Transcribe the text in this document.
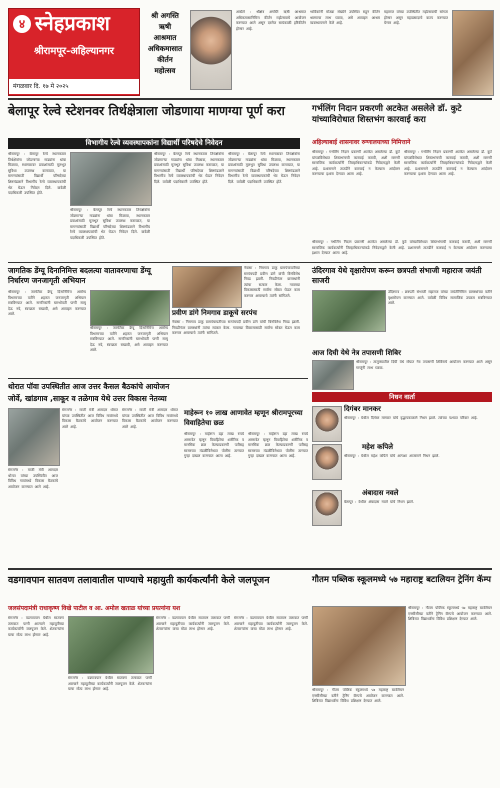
४ स्नेहप्रकाश
श्रीरामपूर-अहिल्यानगर
मंगळवार दि. १७ मे २०२५
श्री अगस्ति
ऋषी
आश्रमात
अधिकमासात
कीर्तन
महोत्सव
अकोले : श्रीक्षेत्र अगस्ति ऋषी आश्रमात अधिकमासानिमित्त कीर्तन महोत्सवाचे आयोजन करण्यात आले असून दररोज सायंकाळी हरिकीर्तन होणार आहे.
भाविकांनी मोठ्या संख्येने उपस्थित राहून कीर्तन श्रवणाचा लाभ घ्यावा, असे आवाहन आश्रम व्यवस्थापनाने केले आहे.
महाराज यांच्या उपस्थितीत महोत्सवाची सांगता होणार असून महाप्रसादाचे वाटप करण्यात येणार आहे.
बेलापूर रेल्वे स्टेशनवर तिर्थक्षेत्राला जोडणाया माणग्या पूर्ण करा	गर्भलिंग निदान प्रकरणी अटकेत असलेले डॉ. कुटे यांच्याविरोधात शिस्तभंग कारवाई करा
विभागीय रेल्वे व्यवस्थापकांना विद्यार्थी परिषदेचे निवेदन
श्रीरामपूर : बेलापूर रेल्वे स्थानकावर तिर्थक्षेत्रांना जोडणाऱ्या गाड्यांना थांबा मिळावा, स्थानकावर प्रवाशांसाठी मूलभूत सुविधा उपलब्ध कराव्यात, या मागण्यांसाठी विद्यार्थी परिषदेच्या शिष्टमंडळाने विभागीय रेल्वे व्यवस्थापकांची भेट घेऊन निवेदन दिले. यावेळी पदाधिकारी उपस्थित होते.
श्रीरामपूर : बेलापूर रेल्वे स्थानकावर तिर्थक्षेत्रांना जोडणाऱ्या गाड्यांना थांबा मिळावा, स्थानकावर प्रवाशांसाठी मूलभूत सुविधा उपलब्ध कराव्यात, या मागण्यांसाठी विद्यार्थी परिषदेच्या शिष्टमंडळाने विभागीय रेल्वे व्यवस्थापकांची भेट घेऊन निवेदन दिले. यावेळी पदाधिकारी उपस्थित होते.
श्रीरामपूर : बेलापूर रेल्वे स्थानकावर तिर्थक्षेत्रांना जोडणाऱ्या गाड्यांना थांबा मिळावा, स्थानकावर प्रवाशांसाठी मूलभूत सुविधा उपलब्ध कराव्यात, या मागण्यांसाठी विद्यार्थी परिषदेच्या शिष्टमंडळाने विभागीय रेल्वे व्यवस्थापकांची भेट घेऊन निवेदन दिले. यावेळी पदाधिकारी उपस्थित होते.
श्रीरामपूर : बेलापूर रेल्वे स्थानकावर तिर्थक्षेत्रांना जोडणाऱ्या गाड्यांना थांबा मिळावा, स्थानकावर प्रवाशांसाठी मूलभूत सुविधा उपलब्ध कराव्यात, या मागण्यांसाठी विद्यार्थी परिषदेच्या शिष्टमंडळाने विभागीय रेल्वे व्यवस्थापकांची भेट घेऊन निवेदन दिले. यावेळी पदाधिकारी उपस्थित होते.
अहिल्याबाई शासनावर रुग्णालयाच्या निमित्ताने
श्रीरामपूर : गर्भलिंग निदान प्रकरणी अटकेत असलेल्या डॉ. कुटे यांच्याविरोधात शिस्तभंगाची कारवाई करावी, अशी मागणी सामाजिक कार्यकर्त्यांनी जिल्हाधिकाऱ्यांकडे निवेदनाद्वारे केली आहे. प्रशासनाने तातडीने कारवाई न केल्यास आंदोलन करण्याचा इशारा देण्यात आला आहे.
श्रीरामपूर : गर्भलिंग निदान प्रकरणी अटकेत असलेल्या डॉ. कुटे यांच्याविरोधात शिस्तभंगाची कारवाई करावी, अशी मागणी सामाजिक कार्यकर्त्यांनी जिल्हाधिकाऱ्यांकडे निवेदनाद्वारे केली आहे. प्रशासनाने तातडीने कारवाई न केल्यास आंदोलन करण्याचा इशारा देण्यात आला आहे.
श्रीरामपूर : गर्भलिंग निदान प्रकरणी अटकेत असलेल्या डॉ. कुटे यांच्याविरोधात शिस्तभंगाची कारवाई करावी, अशी मागणी सामाजिक कार्यकर्त्यांनी जिल्हाधिकाऱ्यांकडे निवेदनाद्वारे केली आहे. प्रशासनाने तातडीने कारवाई न केल्यास आंदोलन करण्याचा इशारा देण्यात आला आहे.
जागतिक डेंग्यू दिनानिमित्त बदलत्या वातावरणाचा डेंग्यू निर्धारण जनजागृती अभियान
श्रीरामपूर : जागतिक डेंग्यू दिनानिमित्त आरोग्य विभागाच्या वतीने शहरात जनजागृती अभियान राबविण्यात आले. नागरिकांनी घराभोवती पाणी साचू देऊ नये, स्वच्छता राखावी, असे आवाहन करण्यात आले.
श्रीरामपूर : जागतिक डेंग्यू दिनानिमित्त आरोग्य विभागाच्या वतीने शहरात जनजागृती अभियान राबविण्यात आले. नागरिकांनी घराभोवती पाणी साचू देऊ नये, स्वच्छता राखावी, असे आवाहन करण्यात आले.
प्रवीण डांगे निमगाव डाकूचे सरपंच
नेवासा : निमगाव डाकू ग्रामपंचायतीच्या सरपंचपदी प्रवीण डांगे यांची बिनविरोध निवड झाली. निवडीनंतर ग्रामस्थांनी त्यांचा सत्कार केला. गावाच्या विकासासाठी सर्वांना सोबत घेऊन काम करणार असल्याचे त्यांनी सांगितले.
नेवासा : निमगाव डाकू ग्रामपंचायतीच्या सरपंचपदी प्रवीण डांगे यांची बिनविरोध निवड झाली. निवडीनंतर ग्रामस्थांनी त्यांचा सत्कार केला. गावाच्या विकासासाठी सर्वांना सोबत घेऊन काम करणार असल्याचे त्यांनी सांगितले.
उंदिरगाव येथे वृक्षारोपण करून छत्रपती संभाजी महाराज जयंती साजरी
उंदिरगाव : छत्रपती संभाजी महाराज यांच्या जयंतीनिमित्त ग्रामस्थांच्या वतीने वृक्षारोपण करण्यात आले. यावेळी विविध सामाजिक उपक्रम राबविण्यात आले.
आज दिघी येथे नेत्र तपासणी शिबिर
श्रीरामपूर : तालुक्यातील दिघी येथे मोफत नेत्र तपासणी शिबिराचे आयोजन करण्यात आले असून गरजूंनी लाभ घ्यावा.
निधन वार्ता
दिगंबर मानकर
श्रीरामपूर : येथील दिगंबर मानकर यांचे वृद्धापकाळाने निधन झाले. त्यांच्या पश्चात परिवार आहे.
महेश कपिले
श्रीरामपूर : येथील महेश कपिले यांचे अल्पशा आजाराने निधन झाले.
अंबादास नवले
बेलापूर : येथील अंबादास नवले यांचे निधन झाले.
थोरात पॉवा उपस्थितीत आज उत्तर कैसल बैठकांचे आयोजन
जोर्वे, खांडगाव ,साकूर व तळेगाव येथे उत्तर विकास नेतव्या
संगमनेर : माजी मंत्री आमदार थोरात यांच्या उपस्थितीत आज विविध गावांमध्ये विकास बैठकांचे आयोजन करण्यात आले आहे.
संगमनेर : माजी मंत्री आमदार थोरात यांच्या उपस्थितीत आज विविध गावांमध्ये विकास बैठकांचे आयोजन करण्यात आले आहे.
संगमनेर : माजी मंत्री आमदार थोरात यांच्या उपस्थितीत आज विविध गावांमध्ये विकास बैठकांचे आयोजन करण्यात आले आहे.
माहेरून १० लाख आणावेत म्हणून श्रीरामपूरच्या विवाहितेचा छळ
श्रीरामपूर : माहेरून दहा लाख रुपये आणावेत म्हणून विवाहितेचा शारीरिक व मानसिक छळ केल्याप्रकरणी पतीसह सासरच्या मंडळींविरोधात पोलीस ठाण्यात गुन्हा दाखल करण्यात आला आहे.
श्रीरामपूर : माहेरून दहा लाख रुपये आणावेत म्हणून विवाहितेचा शारीरिक व मानसिक छळ केल्याप्रकरणी पतीसह सासरच्या मंडळींविरोधात पोलीस ठाण्यात गुन्हा दाखल करण्यात आला आहे.
वडगावपान सातवण तलावातील पाण्याचे महायुती कार्यकर्त्यांनी केले जलपूजन
जलसंपदामंत्री राधाकृष्ण विखे पाटील व आ. अमोल खताळ यांच्या प्रयत्नांना यश
संगमनेर : वडगावपान येथील सातवण तलावात पाणी आल्याने महायुतीच्या कार्यकर्त्यांनी जलपूजन केले. शेतकऱ्यांना याचा मोठा लाभ होणार आहे.
संगमनेर : वडगावपान येथील सातवण तलावात पाणी आल्याने महायुतीच्या कार्यकर्त्यांनी जलपूजन केले. शेतकऱ्यांना याचा मोठा लाभ होणार आहे.
संगमनेर : वडगावपान येथील सातवण तलावात पाणी आल्याने महायुतीच्या कार्यकर्त्यांनी जलपूजन केले. शेतकऱ्यांना याचा मोठा लाभ होणार आहे.
संगमनेर : वडगावपान येथील सातवण तलावात पाणी आल्याने महायुतीच्या कार्यकर्त्यांनी जलपूजन केले. शेतकऱ्यांना याचा मोठा लाभ होणार आहे.
गौतम पब्लिक स्कूलमध्ये ५७ महाराष्ट्र बटालियन ट्रेनिंग कॅम्प
श्रीरामपूर : गौतम पब्लिक स्कूलमध्ये ५७ महाराष्ट्र बटालियन एनसीसीच्या वतीने ट्रेनिंग कॅम्पचे आयोजन करण्यात आले. शिबिरात विद्यार्थ्यांना विविध प्रशिक्षण देण्यात आले.
श्रीरामपूर : गौतम पब्लिक स्कूलमध्ये ५७ महाराष्ट्र बटालियन एनसीसीच्या वतीने ट्रेनिंग कॅम्पचे आयोजन करण्यात आले. शिबिरात विद्यार्थ्यांना विविध प्रशिक्षण देण्यात आले.
